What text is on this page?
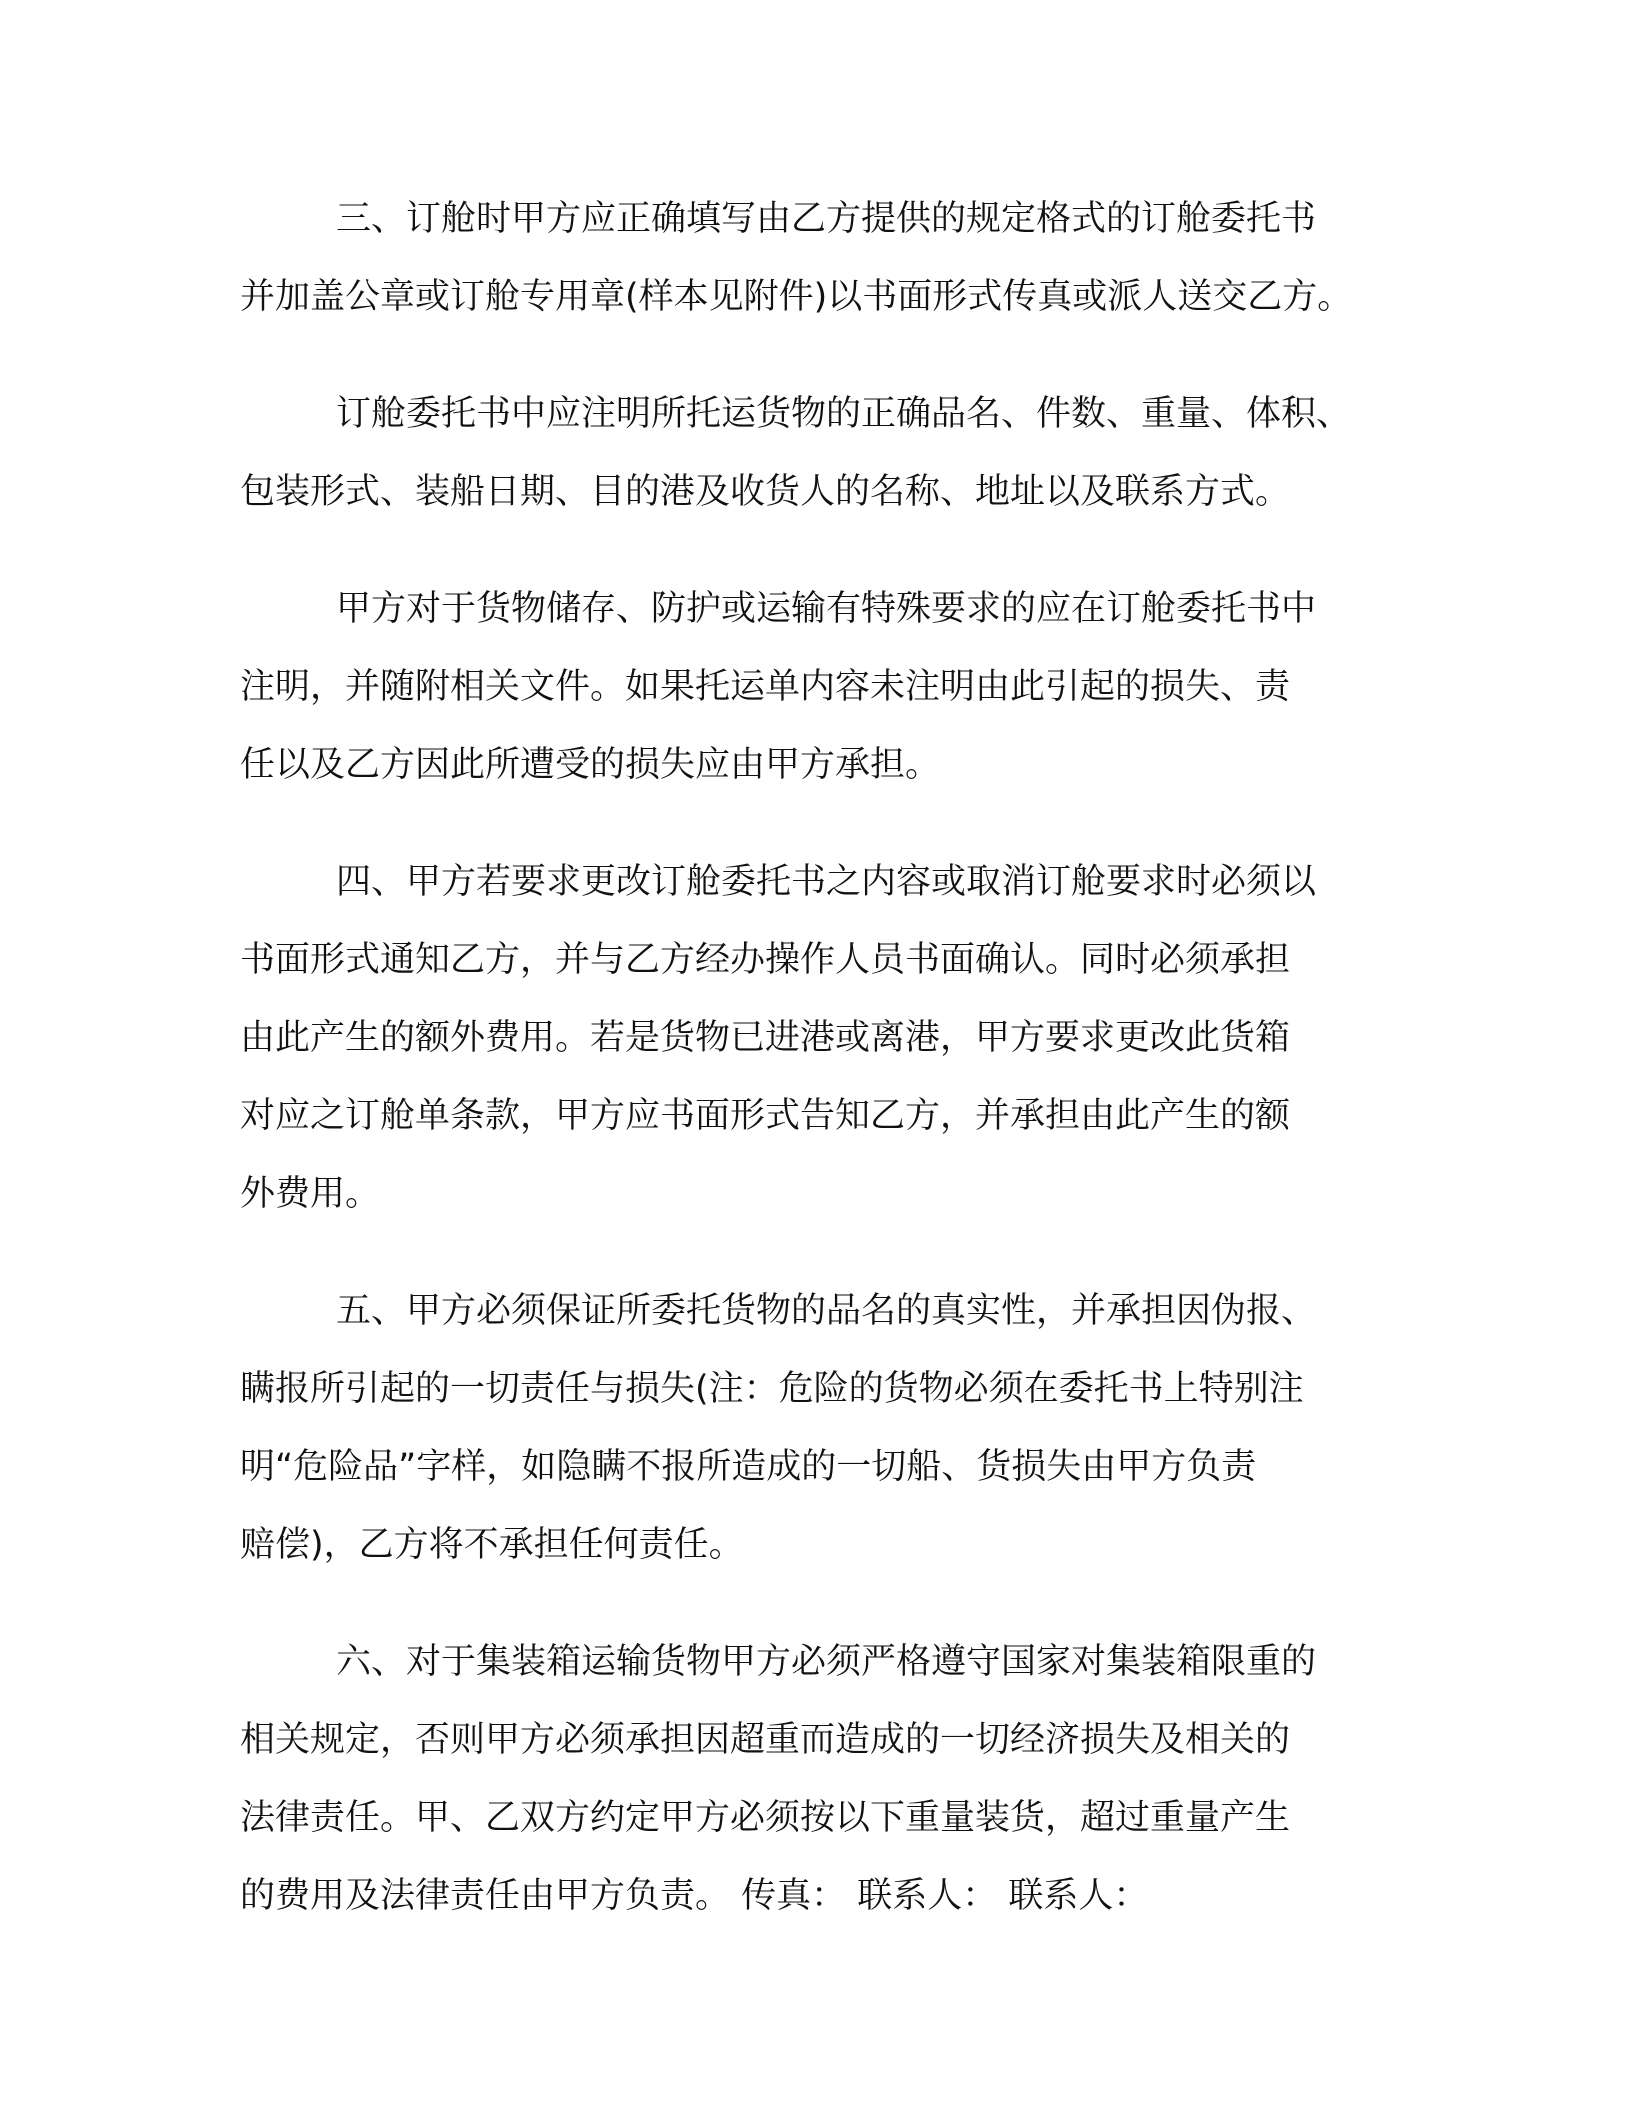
三、订舱时甲方应正确填写由乙方提供的规定格式的订舱委托书
并加盖公章或订舱专用章(样本见附件)以书面形式传真或派人送交乙方。
订舱委托书中应注明所托运货物的正确品名、件数、重量、体积、
包装形式、装船日期、目的港及收货人的名称、地址以及联系方式。
甲方对于货物储存、防护或运输有特殊要求的应在订舱委托书中
注明，并随附相关文件。如果托运单内容未注明由此引起的损失、责
任以及乙方因此所遭受的损失应由甲方承担。
四、甲方若要求更改订舱委托书之内容或取消订舱要求时必须以
书面形式通知乙方，并与乙方经办操作人员书面确认。同时必须承担
由此产生的额外费用。若是货物已进港或离港，甲方要求更改此货箱
对应之订舱单条款，甲方应书面形式告知乙方，并承担由此产生的额
外费用。
五、甲方必须保证所委托货物的品名的真实性，并承担因伪报、
瞒报所引起的一切责任与损失(注：危险的货物必须在委托书上特别注
明“危险品”字样，如隐瞒不报所造成的一切船、货损失由甲方负责
赔偿)，乙方将不承担任何责任。
六、对于集装箱运输货物甲方必须严格遵守国家对集装箱限重的
相关规定，否则甲方必须承担因超重而造成的一切经济损失及相关的
法律责任。甲、乙双方约定甲方必须按以下重量装货，超过重量产生
的费用及法律责任由甲方负责。 传真： 联系人： 联系人：
